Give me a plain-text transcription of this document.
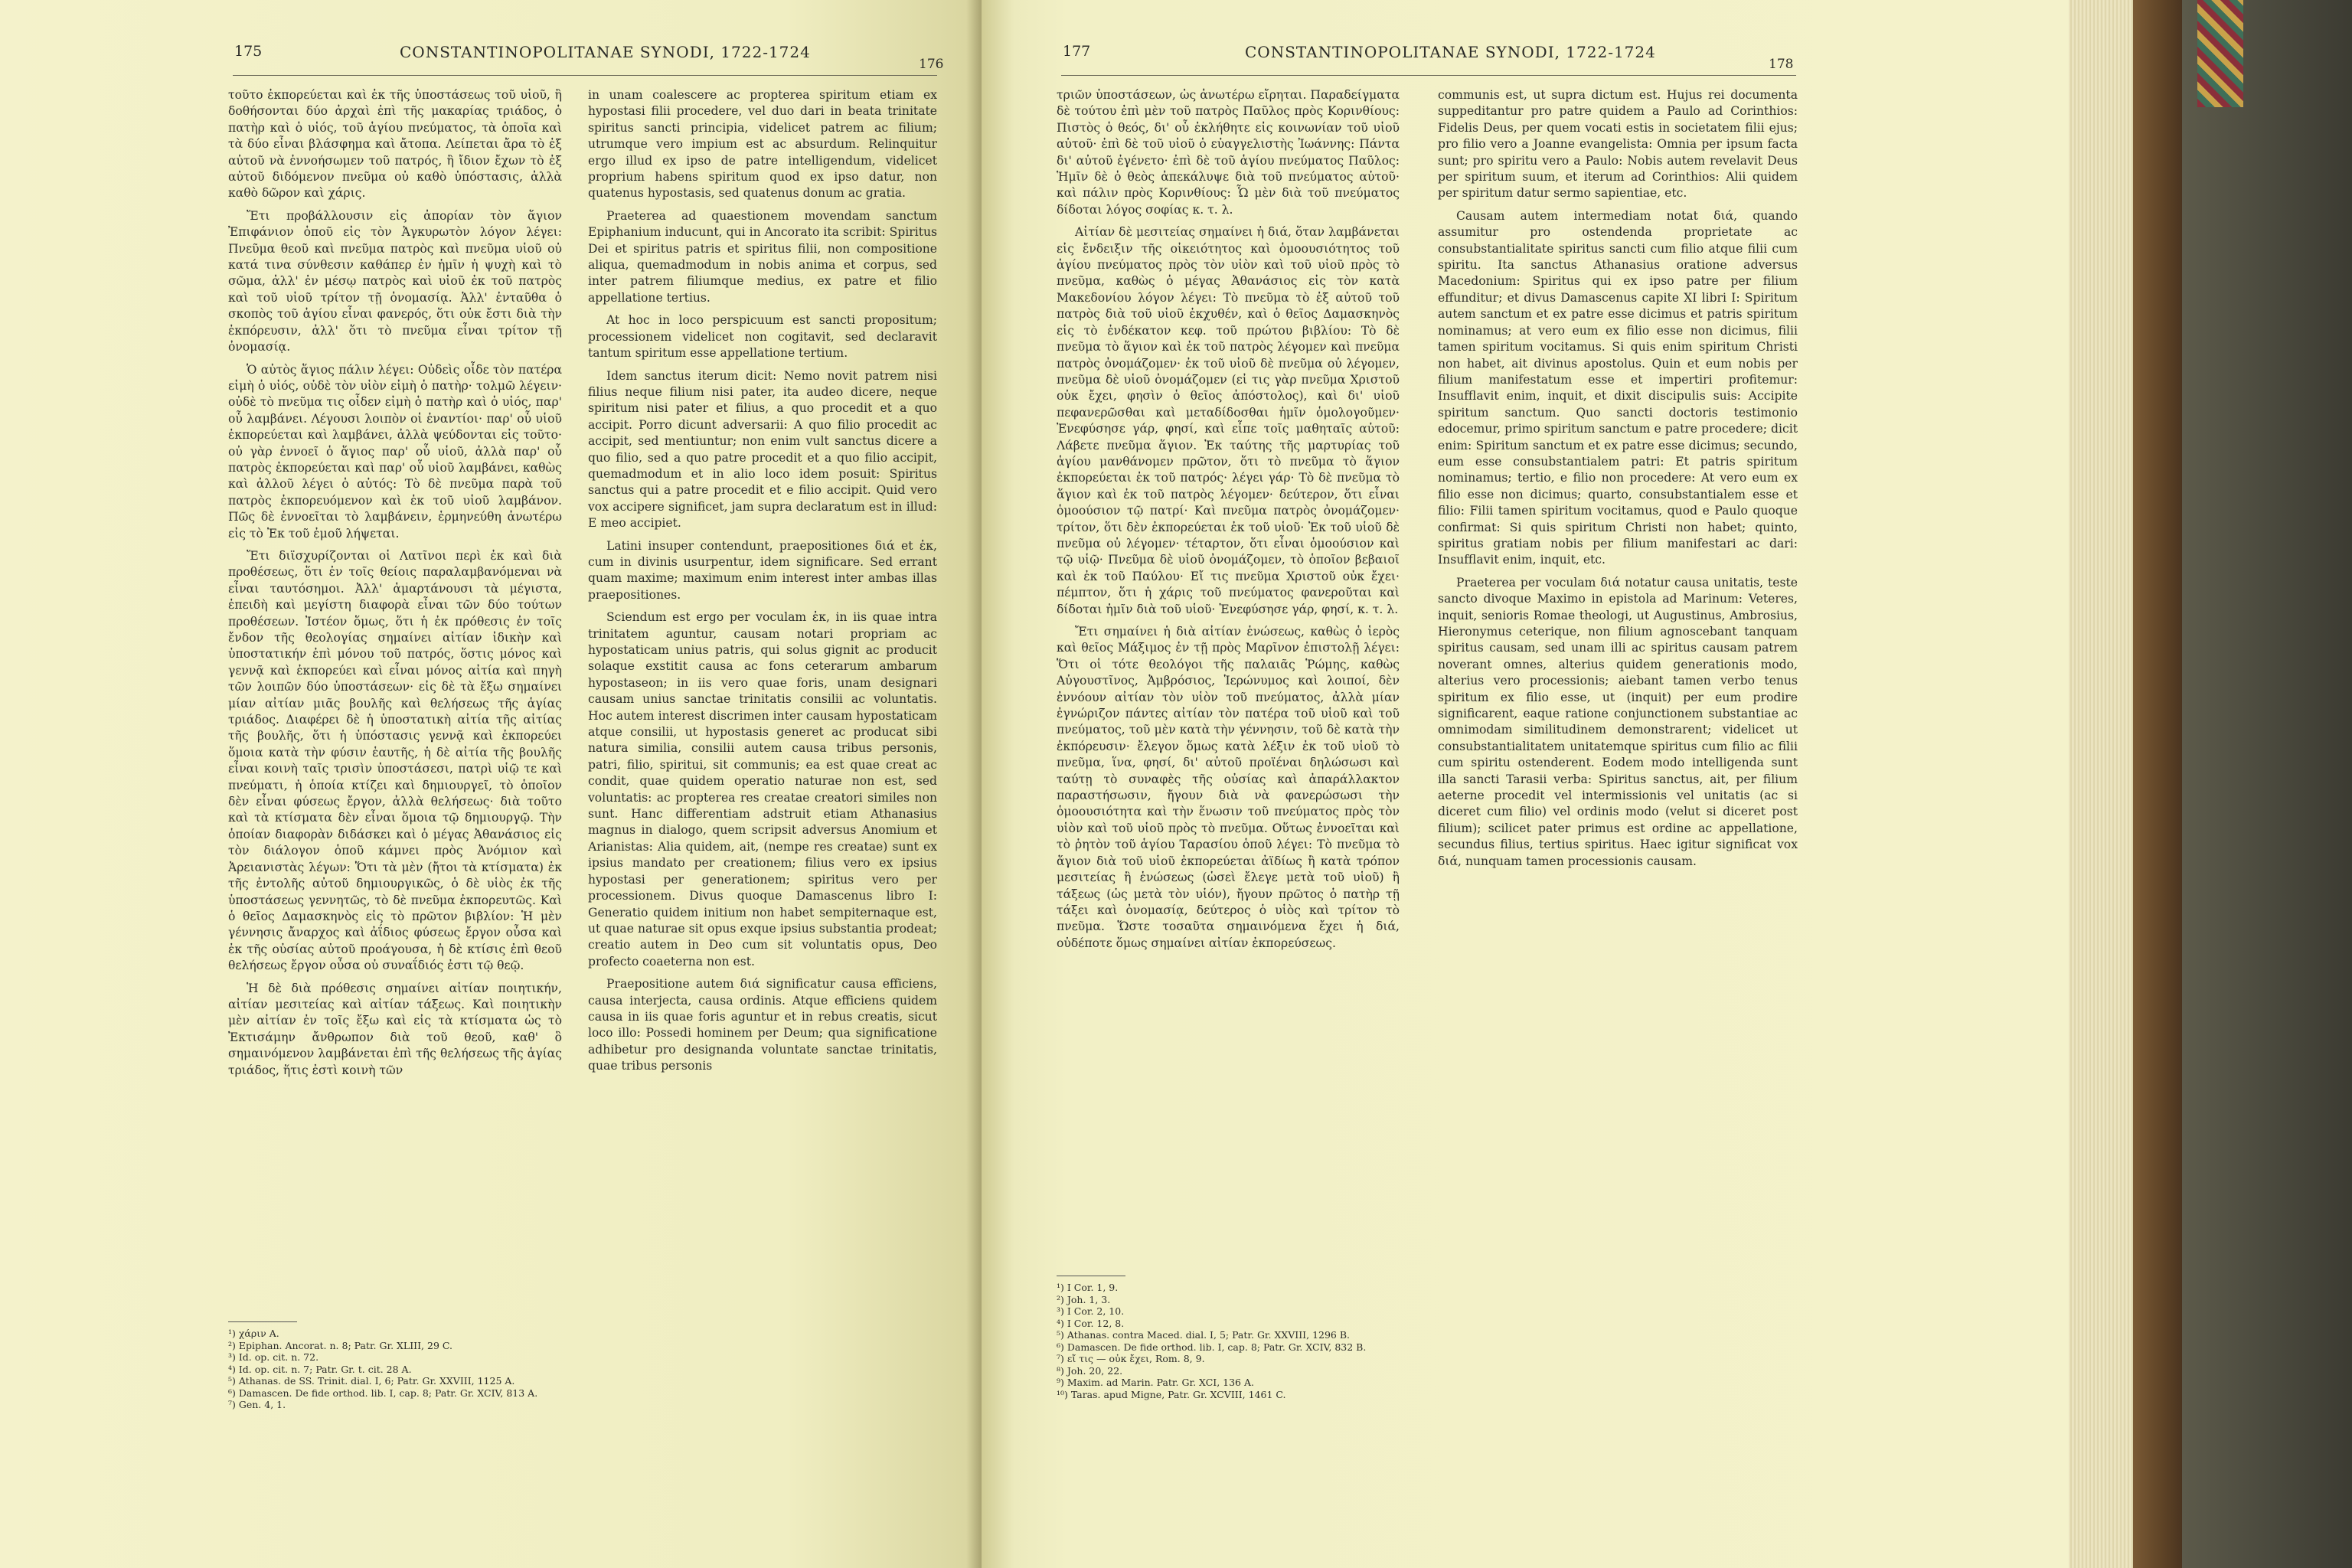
CONSTANTINOPOLITANAE SYNODI, 1722-1724
175
176

τοῦτο ἐκπορεύεται καὶ ἐκ τῆς ὑποστάσεως τοῦ υἱοῦ, ἢ δοθήσονται δύο ἀρχαὶ ἐπὶ τῆς μακαρίας τριάδος, ὁ πατὴρ καὶ ὁ υἱός, τοῦ ἁγίου πνεύματος, τὰ ὁποῖα καὶ τὰ δύο εἶναι βλάσφημα καὶ ἄτοπα. Λείπεται ἄρα τὸ ἐξ αὐτοῦ νὰ ἐννοήσωμεν τοῦ πατρός, ἢ ἴδιον ἔχων τὸ ἐξ αὐτοῦ διδόμενον πνεῦμα οὐ καθὸ ὑπόστασις, ἀλλὰ καθὸ δῶρον καὶ χάρις.

Ἔτι προβάλλουσιν εἰς ἀπορίαν τὸν ἅγιον Ἐπιφάνιον ὁποῦ εἰς τὸν Ἀγκυρωτὸν λόγον λέγει: Πνεῦμα θεοῦ καὶ πνεῦμα πατρὸς καὶ πνεῦμα υἱοῦ οὐ κατά τινα σύνθεσιν καθάπερ ἐν ἡμῖν ἡ ψυχὴ καὶ τὸ σῶμα, ἀλλ' ἐν μέσῳ πατρὸς καὶ υἱοῦ ἐκ τοῦ πατρὸς καὶ τοῦ υἱοῦ τρίτον τῇ ὀνομασίᾳ. Ἀλλ' ἐνταῦθα ὁ σκοπὸς τοῦ ἁγίου εἶναι φανερός, ὅτι οὐκ ἔστι διὰ τὴν ἐκπόρευσιν, ἀλλ' ὅτι τὸ πνεῦμα εἶναι τρίτον τῇ ὀνομασίᾳ.

Ὁ αὐτὸς ἅγιος πάλιν λέγει: Οὐδεὶς οἶδε τὸν πατέρα εἰμὴ ὁ υἱός, οὐδὲ τὸν υἱὸν εἰμὴ ὁ πατὴρ· τολμῶ λέγειν· οὐδὲ τὸ πνεῦμα τις οἶδεν εἰμὴ ὁ πατὴρ καὶ ὁ υἱός, παρ' οὗ λαμβάνει. Λέγουσι λοιπὸν οἱ ἐναντίοι· παρ' οὗ υἱοῦ ἐκπορεύεται καὶ λαμβάνει, ἀλλὰ ψεύδονται εἰς τοῦτο· οὐ γὰρ ἐννοεῖ ὁ ἅγιος παρ' οὗ υἱοῦ, ἀλλὰ παρ' οὗ πατρὸς ἐκπορεύεται καὶ παρ' οὗ υἱοῦ λαμβάνει, καθὼς καὶ ἀλλοῦ λέγει ὁ αὐτός: Τὸ δὲ πνεῦμα παρὰ τοῦ πατρὸς ἐκπορευόμενον καὶ ἐκ τοῦ υἱοῦ λαμβάνον. Πῶς δὲ ἐννοεῖται τὸ λαμβάνειν, ἑρμηνεύθη ἀνωτέρω εἰς τὸ Ἐκ τοῦ ἐμοῦ λήψεται.

Ἔτι διϊσχυρίζονται οἱ Λατῖνοι περὶ ἐκ καὶ διὰ προθέσεως, ὅτι ἐν τοῖς θείοις παραλαμβανόμεναι νὰ εἶναι ταυτόσημοι. Ἀλλ' ἁμαρτάνουσι τὰ μέγιστα, ἐπειδὴ καὶ μεγίστη διαφορὰ εἶναι τῶν δύο τούτων προθέσεων. Ἰστέον ὅμως, ὅτι ἡ ἐκ πρόθεσις ἐν τοῖς ἔνδον τῆς θεολογίας σημαίνει αἰτίαν ἰδικὴν καὶ ὑποστατικήν ἐπὶ μόνου τοῦ πατρός, ὅστις μόνος καὶ γεννᾷ καὶ ἐκπορεύει καὶ εἶναι μόνος αἰτία καὶ πηγὴ τῶν λοιπῶν δύο ὑποστάσεων· εἰς δὲ τὰ ἔξω σημαίνει μίαν αἰτίαν μιᾶς βουλῆς καὶ θελήσεως τῆς ἁγίας τριάδος. Διαφέρει δὲ ἡ ὑποστατικὴ αἰτία τῆς αἰτίας τῆς βουλῆς, ὅτι ἡ ὑπόστασις γεννᾷ καὶ ἐκπορεύει ὅμοια κατὰ τὴν φύσιν ἑαυτῆς, ἡ δὲ αἰτία τῆς βουλῆς εἶναι κοινὴ ταῖς τρισὶν ὑποστάσεσι, πατρὶ υἱῷ τε καὶ πνεύματι, ἡ ὁποία κτίζει καὶ δημιουργεῖ, τὸ ὁποῖον δὲν εἶναι φύσεως ἔργον, ἀλλὰ θελήσεως· διὰ τοῦτο καὶ τὰ κτίσματα δὲν εἶναι ὅμοια τῷ δημιουργῷ. Τὴν ὁποίαν διαφορὰν διδάσκει καὶ ὁ μέγας Ἀθανάσιος εἰς τὸν διάλογον ὁποῦ κάμνει πρὸς Ἀνόμιον καὶ Ἀρειανιστὰς λέγων: Ὅτι τὰ μὲν (ἤτοι τὰ κτίσματα) ἐκ τῆς ἐντολῆς αὐτοῦ δημιουργικῶς, ὁ δὲ υἱὸς ἐκ τῆς ὑποστάσεως γεννητῶς, τὸ δὲ πνεῦμα ἐκπορευτῶς. Καὶ ὁ θεῖος Δαμασκηνὸς εἰς τὸ πρῶτον βιβλίον: Ἡ μὲν γέννησις ἄναρχος καὶ ἀΐδιος φύσεως ἔργον οὖσα καὶ ἐκ τῆς οὐσίας αὐτοῦ προάγουσα, ἡ δὲ κτίσις ἐπὶ θεοῦ θελήσεως ἔργον οὖσα οὐ συναΐδιός ἐστι τῷ θεῷ.

Ἡ δὲ διὰ πρόθεσις σημαίνει αἰτίαν ποιητικήν, αἰτίαν μεσιτείας καὶ αἰτίαν τάξεως. Καὶ ποιητικὴν μὲν αἰτίαν ἐν τοῖς ἔξω καὶ εἰς τὰ κτίσματα ὡς τὸ Ἐκτισάμην ἄνθρωπον διὰ τοῦ θεοῦ, καθ' ὃ σημαινόμενον λαμβάνεται ἐπὶ τῆς θελήσεως τῆς ἁγίας τριάδος, ἥτις ἐστὶ κοινὴ τῶν

in unam coalescere ac propterea spiritum etiam ex hypostasi filii procedere, vel duo dari in beata trinitate spiritus sancti principia, videlicet patrem ac filium; utrumque vero impium est ac absurdum. Relinquitur ergo illud ex ipso de patre intelligendum, videlicet proprium habens spiritum quod ex ipso datur, non quatenus hypostasis, sed quatenus donum ac gratia.

Praeterea ad quaestionem movendam sanctum Epiphanium inducunt, qui in Ancorato ita scribit: Spiritus Dei et spiritus patris et spiritus filii, non compositione aliqua, quemadmodum in nobis anima et corpus, sed inter patrem filiumque medius, ex patre et filio appellatione tertius.

At hoc in loco perspicuum est sancti propositum; processionem videlicet non cogitavit, sed declaravit tantum spiritum esse appellatione tertium.

Idem sanctus iterum dicit: Nemo novit patrem nisi filius neque filium nisi pater, ita audeo dicere, neque spiritum nisi pater et filius, a quo procedit et a quo accipit. Porro dicunt adversarii: A quo filio procedit ac accipit, sed mentiuntur; non enim vult sanctus dicere a quo filio, sed a quo patre procedit et a quo filio accipit, quemadmodum et in alio loco idem posuit: Spiritus sanctus qui a patre procedit et e filio accipit. Quid vero vox accipere significet, jam supra declaratum est in illud: E meo accipiet.

Latini insuper contendunt, praepositiones διά et ἐκ, cum in divinis usurpentur, idem significare. Sed errant quam maxime; maximum enim interest inter ambas illas praepositiones.

Sciendum est ergo per voculam ἐκ, in iis quae intra trinitatem aguntur, causam notari propriam ac hypostaticam unius patris, qui solus gignit ac producit solaque exstitit causa ac fons ceterarum ambarum hypostaseon; in iis vero quae foris, unam designari causam unius sanctae trinitatis consilii ac voluntatis. Hoc autem interest discrimen inter causam hypostaticam atque consilii, ut hypostasis generet ac producat sibi natura similia, consilii autem causa tribus personis, patri, filio, spiritui, sit communis; ea est quae creat ac condit, quae quidem operatio naturae non est, sed voluntatis: ac propterea res creatae creatori similes non sunt. Hanc differentiam adstruit etiam Athanasius magnus in dialogo, quem scripsit adversus Anomium et Arianistas: Alia quidem, ait, (nempe res creatae) sunt ex ipsius mandato per creationem; filius vero ex ipsius hypostasi per generationem; spiritus vero per processionem. Divus quoque Damascenus libro I: Generatio quidem initium non habet sempiternaque est, ut quae naturae sit opus exque ipsius substantia prodeat; creatio autem in Deo cum sit voluntatis opus, Deo profecto coaeterna non est.

Praepositione autem διά significatur causa efficiens, causa interjecta, causa ordinis. Atque efficiens quidem causa in iis quae foris aguntur et in rebus creatis, sicut loco illo: Possedi hominem per Deum; qua significatione adhibetur pro designanda voluntate sanctae trinitatis, quae tribus personis

¹) χάριν A.
²) Epiphan. Ancorat. n. 8; Patr. Gr. XLIII, 29 C.
³) Id. op. cit. n. 72.
⁴) Id. op. cit. n. 7; Patr. Gr. t. cit. 28 A.
⁵) Athanas. de SS. Trinit. dial. I, 6; Patr. Gr. XXVIII, 1125 A.
⁶) Damascen. De fide orthod. lib. I, cap. 8; Patr. Gr. XCIV, 813 A.
⁷) Gen. 4, 1.
CONSTANTINOPOLITANAE SYNODI, 1722-1724
177
178

τριῶν ὑποστάσεων, ὡς ἀνωτέρω εἴρηται. Παραδείγματα δὲ τούτου ἐπὶ μὲν τοῦ πατρὸς Παῦλος πρὸς Κορινθίους: Πιστὸς ὁ θεός, δι' οὗ ἐκλήθητε εἰς κοινωνίαν τοῦ υἱοῦ αὐτοῦ· ἐπὶ δὲ τοῦ υἱοῦ ὁ εὐαγγελιστὴς Ἰωάννης: Πάντα δι' αὐτοῦ ἐγένετο· ἐπὶ δὲ τοῦ ἁγίου πνεύματος Παῦλος: Ἡμῖν δὲ ὁ θεὸς ἀπεκάλυψε διὰ τοῦ πνεύματος αὐτοῦ· καὶ πάλιν πρὸς Κορινθίους: Ὧ μὲν διὰ τοῦ πνεύματος δίδοται λόγος σοφίας κ. τ. λ.

Αἰτίαν δὲ μεσιτείας σημαίνει ἡ διά, ὅταν λαμβάνεται εἰς ἔνδειξιν τῆς οἰκειότητος καὶ ὁμοουσιότητος τοῦ ἁγίου πνεύματος πρὸς τὸν υἱὸν καὶ τοῦ υἱοῦ πρὸς τὸ πνεῦμα, καθὼς ὁ μέγας Ἀθανάσιος εἰς τὸν κατὰ Μακεδονίου λόγον λέγει: Τὸ πνεῦμα τὸ ἐξ αὐτοῦ τοῦ πατρὸς διὰ τοῦ υἱοῦ ἐκχυθέν, καὶ ὁ θεῖος Δαμασκηνὸς εἰς τὸ ἐνδέκατον κεφ. τοῦ πρώτου βιβλίου: Τὸ δὲ πνεῦμα τὸ ἅγιον καὶ ἐκ τοῦ πατρὸς λέγομεν καὶ πνεῦμα πατρὸς ὀνομάζομεν· ἐκ τοῦ υἱοῦ δὲ πνεῦμα οὐ λέγομεν, πνεῦμα δὲ υἱοῦ ὀνομάζομεν (εἰ τις γὰρ πνεῦμα Χριστοῦ οὐκ ἔχει, φησὶν ὁ θεῖος ἀπόστολος), καὶ δι' υἱοῦ πεφανερῶσθαι καὶ μεταδίδοσθαι ἡμῖν ὁμολογοῦμεν· Ἐνεφύσησε γάρ, φησί, καὶ εἶπε τοῖς μαθηταῖς αὐτοῦ: Λάβετε πνεῦμα ἅγιον. Ἐκ ταύτης τῆς μαρτυρίας τοῦ ἁγίου μανθάνομεν πρῶτον, ὅτι τὸ πνεῦμα τὸ ἅγιον ἐκπορεύεται ἐκ τοῦ πατρός· λέγει γάρ· Τὸ δὲ πνεῦμα τὸ ἅγιον καὶ ἐκ τοῦ πατρὸς λέγομεν· δεύτερον, ὅτι εἶναι ὁμοούσιον τῷ πατρί· Καὶ πνεῦμα πατρὸς ὀνομάζομεν· τρίτον, ὅτι δὲν ἐκπορεύεται ἐκ τοῦ υἱοῦ· Ἐκ τοῦ υἱοῦ δὲ πνεῦμα οὐ λέγομεν· τέταρτον, ὅτι εἶναι ὁμοούσιον καὶ τῷ υἱῷ· Πνεῦμα δὲ υἱοῦ ὀνομάζομεν, τὸ ὁποῖον βεβαιοῖ καὶ ἐκ τοῦ Παύλου· Εἴ τις πνεῦμα Χριστοῦ οὐκ ἔχει· πέμπτον, ὅτι ἡ χάρις τοῦ πνεύματος φανεροῦται καὶ δίδοται ἡμῖν διὰ τοῦ υἱοῦ· Ἐνεφύσησε γάρ, φησί, κ. τ. λ.

Ἔτι σημαίνει ἡ διὰ αἰτίαν ἑνώσεως, καθὼς ὁ ἱερὸς καὶ θεῖος Μάξιμος ἐν τῇ πρὸς Μαρῖνον ἐπιστολῇ λέγει: Ὅτι οἱ τότε θεολόγοι τῆς παλαιᾶς Ῥώμης, καθὼς Αὐγουστῖνος, Ἀμβρόσιος, Ἱερώνυμος καὶ λοιποί, δὲν ἐννόουν αἰτίαν τὸν υἱὸν τοῦ πνεύματος, ἀλλὰ μίαν ἐγνώριζον πάντες αἰτίαν τὸν πατέρα τοῦ υἱοῦ καὶ τοῦ πνεύματος, τοῦ μὲν κατὰ τὴν γέννησιν, τοῦ δὲ κατὰ τὴν ἐκπόρευσιν· ἔλεγον ὅμως κατὰ λέξιν ἐκ τοῦ υἱοῦ τὸ πνεῦμα, ἵνα, φησί, δι' αὐτοῦ προϊέναι δηλώσωσι καὶ ταύτῃ τὸ συναφὲς τῆς οὐσίας καὶ ἀπαράλλακτον παραστήσωσιν, ἤγουν διὰ νὰ φανερώσωσι τὴν ὁμοουσιότητα καὶ τὴν ἕνωσιν τοῦ πνεύματος πρὸς τὸν υἱὸν καὶ τοῦ υἱοῦ πρὸς τὸ πνεῦμα. Οὕτως ἐννοεῖται καὶ τὸ ῥητὸν τοῦ ἁγίου Ταρασίου ὁποῦ λέγει: Τὸ πνεῦμα τὸ ἅγιον διὰ τοῦ υἱοῦ ἐκπορεύεται ἀϊδίως ἢ κατὰ τρόπον μεσιτείας ἢ ἑνώσεως (ὡσεὶ ἔλεγε μετὰ τοῦ υἱοῦ) ἢ τάξεως (ὡς μετὰ τὸν υἱόν), ἤγουν πρῶτος ὁ πατὴρ τῇ τάξει καὶ ὀνομασίᾳ, δεύτερος ὁ υἱὸς καὶ τρίτον τὸ πνεῦμα. Ὥστε τοσαῦτα σημαινόμενα ἔχει ἡ διά, οὐδέποτε ὅμως σημαίνει αἰτίαν ἐκπορεύσεως.

communis est, ut supra dictum est. Hujus rei documenta suppeditantur pro patre quidem a Paulo ad Corinthios: Fidelis Deus, per quem vocati estis in societatem filii ejus; pro filio vero a Joanne evangelista: Omnia per ipsum facta sunt; pro spiritu vero a Paulo: Nobis autem revelavit Deus per spiritum suum, et iterum ad Corinthios: Alii quidem per spiritum datur sermo sapientiae, etc.

Causam autem intermediam notat διά, quando assumitur pro ostendenda proprietate ac consubstantialitate spiritus sancti cum filio atque filii cum spiritu. Ita sanctus Athanasius oratione adversus Macedonium: Spiritus qui ex ipso patre per filium effunditur; et divus Damascenus capite XI libri I: Spiritum autem sanctum et ex patre esse dicimus et patris spiritum nominamus; at vero eum ex filio esse non dicimus, filii tamen spiritum vocitamus. Si quis enim spiritum Christi non habet, ait divinus apostolus. Quin et eum nobis per filium manifestatum esse et impertiri profitemur: Insufflavit enim, inquit, et dixit discipulis suis: Accipite spiritum sanctum. Quo sancti doctoris testimonio edocemur, primo spiritum sanctum e patre procedere; dicit enim: Spiritum sanctum et ex patre esse dicimus; secundo, eum esse consubstantialem patri: Et patris spiritum nominamus; tertio, e filio non procedere: At vero eum ex filio esse non dicimus; quarto, consubstantialem esse et filio: Filii tamen spiritum vocitamus, quod e Paulo quoque confirmat: Si quis spiritum Christi non habet; quinto, spiritus gratiam nobis per filium manifestari ac dari: Insufflavit enim, inquit, etc.

Praeterea per voculam διά notatur causa unitatis, teste sancto divoque Maximo in epistola ad Marinum: Veteres, inquit, senioris Romae theologi, ut Augustinus, Ambrosius, Hieronymus ceterique, non filium agnoscebant tanquam spiritus causam, sed unam illi ac spiritus causam patrem noverant omnes, alterius quidem generationis modo, alterius vero processionis; aiebant tamen verbo tenus spiritum ex filio esse, ut (inquit) per eum prodire significarent, eaque ratione conjunctionem substantiae ac omnimodam similitudinem demonstrarent; videlicet ut consubstantialitatem unitatemque spiritus cum filio ac filii cum spiritu ostenderent. Eodem modo intelligenda sunt illa sancti Tarasii verba: Spiritus sanctus, ait, per filium aeterne procedit vel intermissionis vel unitatis (ac si diceret cum filio) vel ordinis modo (velut si diceret post filium); scilicet pater primus est ordine ac appellatione, secundus filius, tertius spiritus. Haec igitur significat vox διά, nunquam tamen processionis causam.

¹) I Cor. 1, 9.
²) Joh. 1, 3.
³) I Cor. 2, 10.
⁴) I Cor. 12, 8.
⁵) Athanas. contra Maced. dial. I, 5; Patr. Gr. XXVIII, 1296 B.
⁶) Damascen. De fide orthod. lib. I, cap. 8; Patr. Gr. XCIV, 832 B.
⁷) εἴ τις — οὐκ ἔχει, Rom. 8, 9.
⁸) Joh. 20, 22.
⁹) Maxim. ad Marin. Patr. Gr. XCI, 136 A.
¹⁰) Taras. apud Migne, Patr. Gr. XCVIII, 1461 C.
